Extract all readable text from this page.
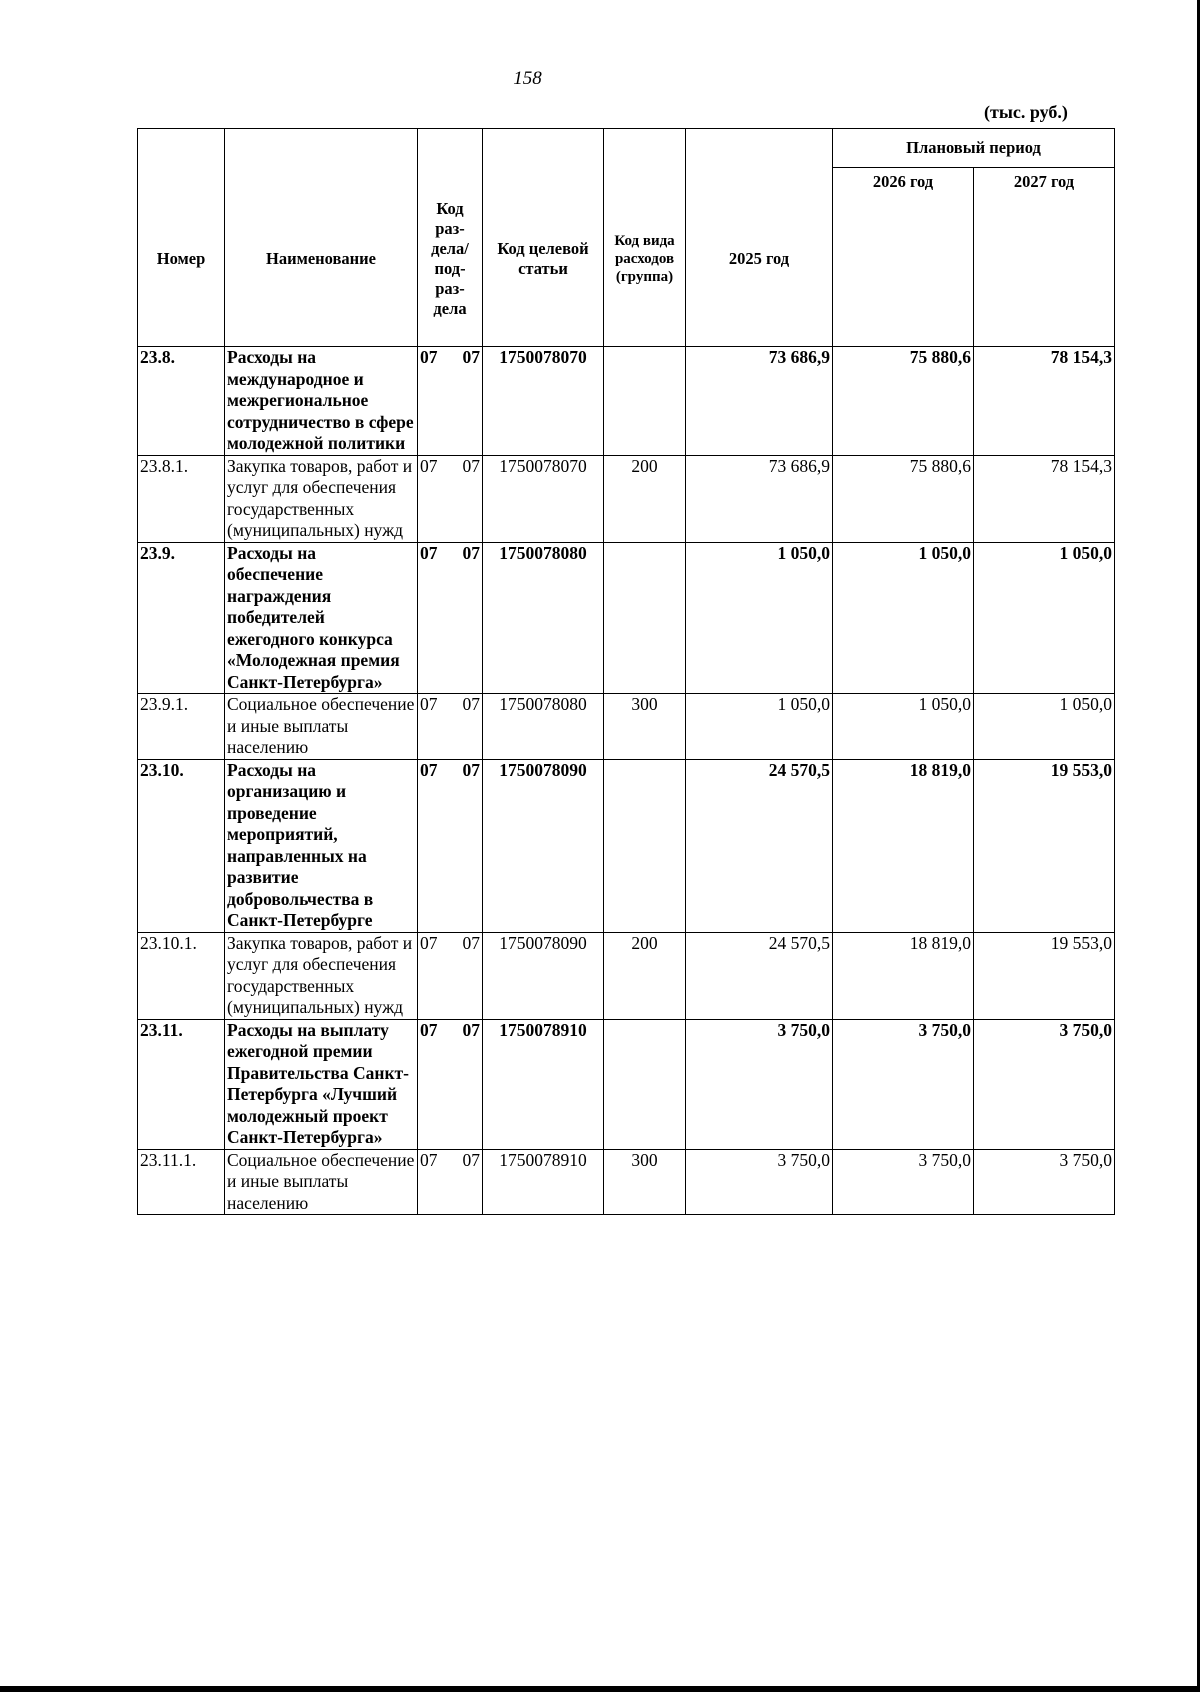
158
(тыс. руб.)
Номер	Наименование	Код раз-дела/ под-раз-дела	Код целевой статьи	Код вида расходов (группа)	2025 год	Плановый период	
						2026 год	2027 год
23.8.	Расходы на международное и межрегиональное сотрудничество в сфере молодежной политики	07 07	1750078070		73 686,9	75 880,6	78 154,3
23.8.1.	Закупка товаров, работ и услуг для обеспечения государственных (муниципальных) нужд	07 07	1750078070	200	73 686,9	75 880,6	78 154,3
23.9.	Расходы на обеспечение награждения победителей ежегодного конкурса «Молодежная премия Санкт-Петербурга»	07 07	1750078080		1 050,0	1 050,0	1 050,0
23.9.1.	Социальное обеспечение и иные выплаты населению	07 07	1750078080	300	1 050,0	1 050,0	1 050,0
23.10.	Расходы на организацию и проведение мероприятий, направленных на развитие добровольчества в Санкт-Петербурге	07 07	1750078090		24 570,5	18 819,0	19 553,0
23.10.1.	Закупка товаров, работ и услуг для обеспечения государственных (муниципальных) нужд	07 07	1750078090	200	24 570,5	18 819,0	19 553,0
23.11.	Расходы на выплату ежегодной премии Правительства Санкт-Петербурга «Лучший молодежный проект Санкт-Петербурга»	07 07	1750078910		3 750,0	3 750,0	3 750,0
23.11.1.	Социальное обеспечение и иные выплаты населению	07 07	1750078910	300	3 750,0	3 750,0	3 750,0
